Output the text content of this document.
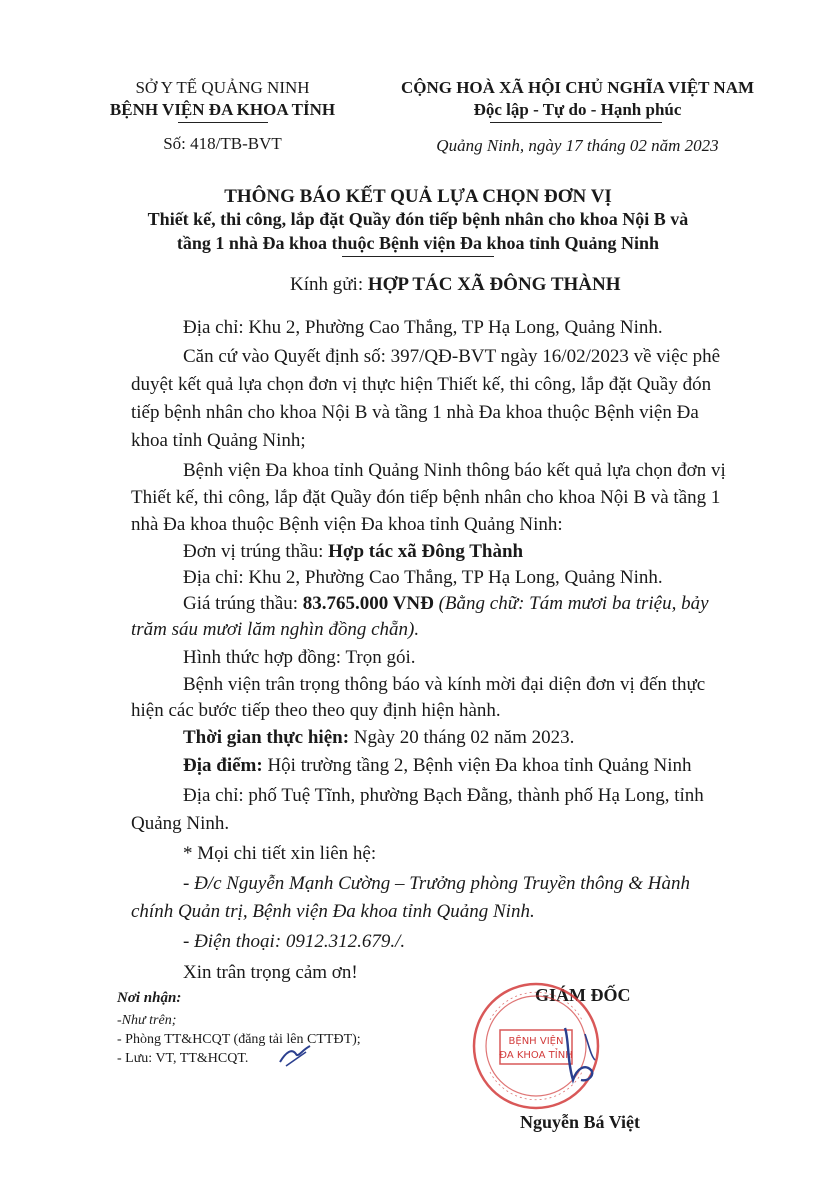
SỞ Y TẾ QUẢNG NINH
BỆNH VIỆN ĐA KHOA TỈNH
Số: 418/TB-BVT
CỘNG HOÀ XÃ HỘI CHỦ NGHĨA VIỆT NAM
Độc lập - Tự do - Hạnh phúc
Quảng Ninh, ngày 17 tháng 02 năm 2023
THÔNG BÁO KẾT QUẢ LỰA CHỌN ĐƠN VỊ
Thiết kế, thi công, lắp đặt Quầy đón tiếp bệnh nhân cho khoa Nội B và
tầng 1 nhà Đa khoa thuộc Bệnh viện Đa khoa tỉnh Quảng Ninh
Kính gửi: HỢP TÁC XÃ ĐÔNG THÀNH
Địa chỉ: Khu 2, Phường Cao Thắng, TP Hạ Long, Quảng Ninh.
Căn cứ vào Quyết định số: 397/QĐ-BVT ngày 16/02/2023 về việc phê
duyệt kết quả lựa chọn đơn vị thực hiện Thiết kế, thi công, lắp đặt Quầy đón
tiếp bệnh nhân cho khoa Nội B và tầng 1 nhà Đa khoa thuộc Bệnh viện Đa
khoa tỉnh Quảng Ninh;
Bệnh viện Đa khoa tỉnh Quảng Ninh thông báo kết quả lựa chọn đơn vị
Thiết kế, thi công, lắp đặt Quầy đón tiếp bệnh nhân cho khoa Nội B và tầng 1
nhà Đa khoa thuộc Bệnh viện Đa khoa tỉnh Quảng Ninh:
Đơn vị trúng thầu: Hợp tác xã Đông Thành
Địa chỉ: Khu 2, Phường Cao Thắng, TP Hạ Long, Quảng Ninh.
Giá trúng thầu: 83.765.000 VNĐ (Bằng chữ: Tám mươi ba triệu, bảy
trăm sáu mươi lăm nghìn đồng chẵn).
Hình thức hợp đồng: Trọn gói.
Bệnh viện trân trọng thông báo và kính mời đại diện đơn vị đến thực
hiện các bước tiếp theo theo quy định hiện hành.
Thời gian thực hiện: Ngày 20 tháng 02 năm 2023.
Địa điểm: Hội trường tầng 2, Bệnh viện Đa khoa tỉnh Quảng Ninh
Địa chỉ: phố Tuệ Tĩnh, phường Bạch Đằng, thành phố Hạ Long, tỉnh
Quảng Ninh.
* Mọi chi tiết xin liên hệ:
- Đ/c Nguyễn Mạnh Cường – Trưởng phòng Truyền thông & Hành
chính Quản trị, Bệnh viện Đa khoa tỉnh Quảng Ninh.
- Điện thoại: 0912.312.679./.
Xin trân trọng cảm ơn!
Nơi nhận:
-Như trên;
- Phòng TT&HCQT (đăng tải lên CTTĐT);
- Lưu: VT, TT&HCQT.
GIÁM ĐỐC
BỆNH VIỆN
ĐA KHOA TỈNH
Nguyễn Bá Việt
